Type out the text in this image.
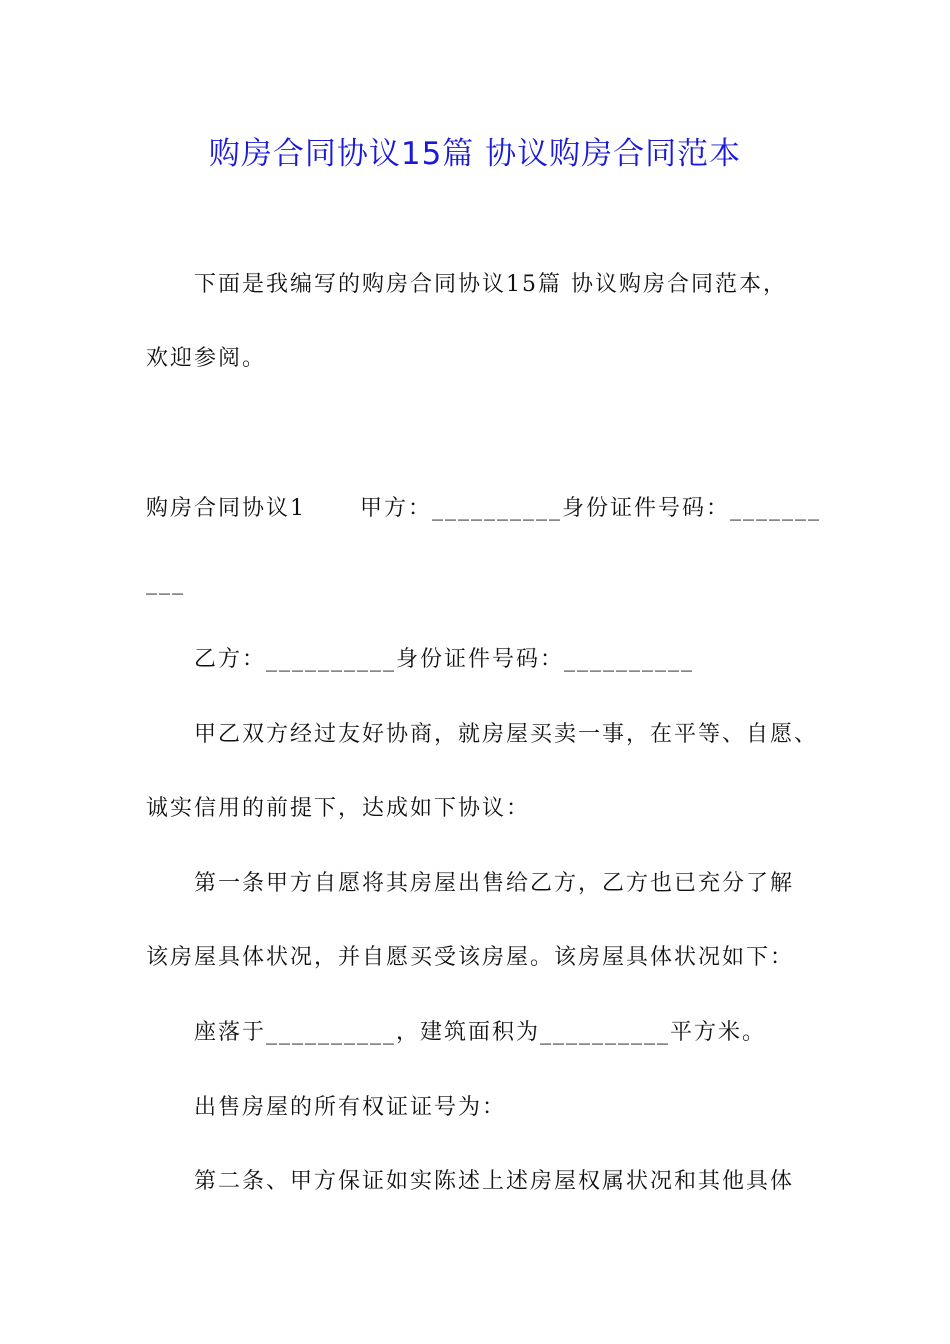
购房合同协议15篇 协议购房合同范本
下面是我编写的购房合同协议15篇 协议购房合同范本，
欢迎参阅。
购房合同协议1      甲方：__________身份证件号码：_______
___
乙方：__________身份证件号码：__________
甲乙双方经过友好协商，就房屋买卖一事，在平等、自愿、
诚实信用的前提下，达成如下协议：
第一条甲方自愿将其房屋出售给乙方，乙方也已充分了解
该房屋具体状况，并自愿买受该房屋。该房屋具体状况如下：
座落于__________，建筑面积为__________平方米。
出售房屋的所有权证证号为：
第二条、甲方保证如实陈述上述房屋权属状况和其他具体
